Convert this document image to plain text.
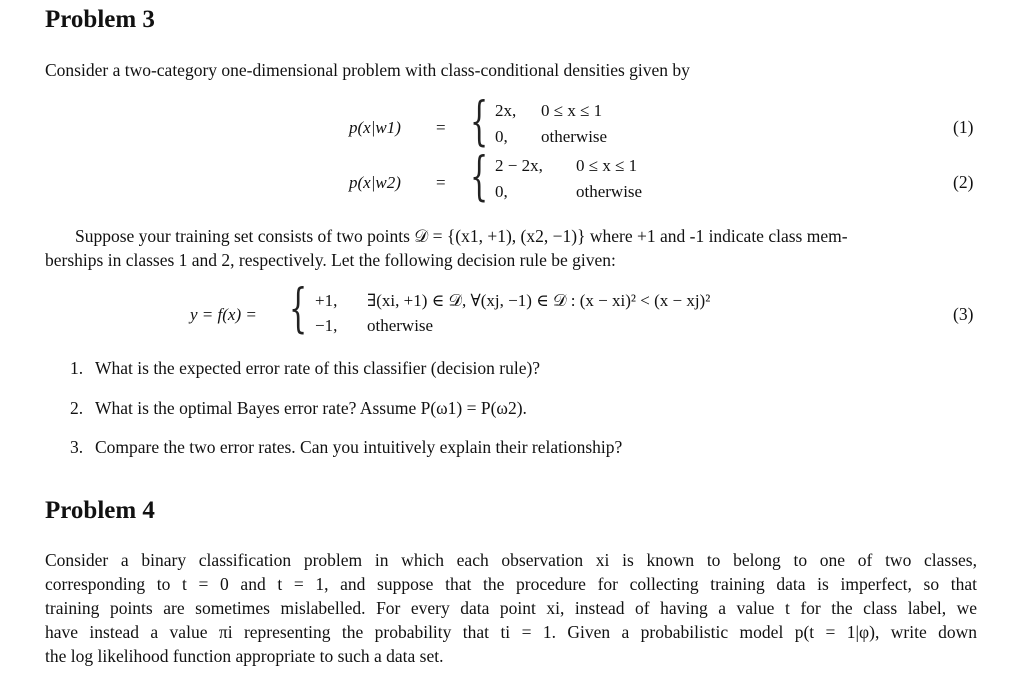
Problem 3
Consider a two-category one-dimensional problem with class-conditional densities given by
p(x|w1) = { 2x, 0 ≤ x ≤ 1
0, otherwise	(1)
p(x|w2) = { 2 − 2x, 0 ≤ x ≤ 1
0,	otherwise	(2)
Suppose your training set consists of two points 𝒟 = {(x1, +1), (x2, −1)} where +1 and -1 indicate class mem-
berships in classes 1 and 2, respectively. Let the following decision rule be given:
y = f(x) = { +1, ∃(xi, +1) ∈ 𝒟, ∀(xj, −1) ∈ 𝒟 : (x − xi)² < (x − xj)²
−1, otherwise
(3)
1. What is the expected error rate of this classifier (decision rule)?
2. What is the optimal Bayes error rate? Assume P(ω1) = P(ω2).
3. Compare the two error rates. Can you intuitively explain their relationship?
Problem 4
Consider a binary classification problem in which each observation xi is known to belong to one of two classes,
corresponding to t = 0 and t = 1, and suppose that the procedure for collecting training data is imperfect, so that
training points are sometimes mislabelled. For every data point xi, instead of having a value t for the class label, we
have instead a value πi representing the probability that ti = 1. Given a probabilistic model p(t = 1|φ), write down
the log likelihood function appropriate to such a data set.
